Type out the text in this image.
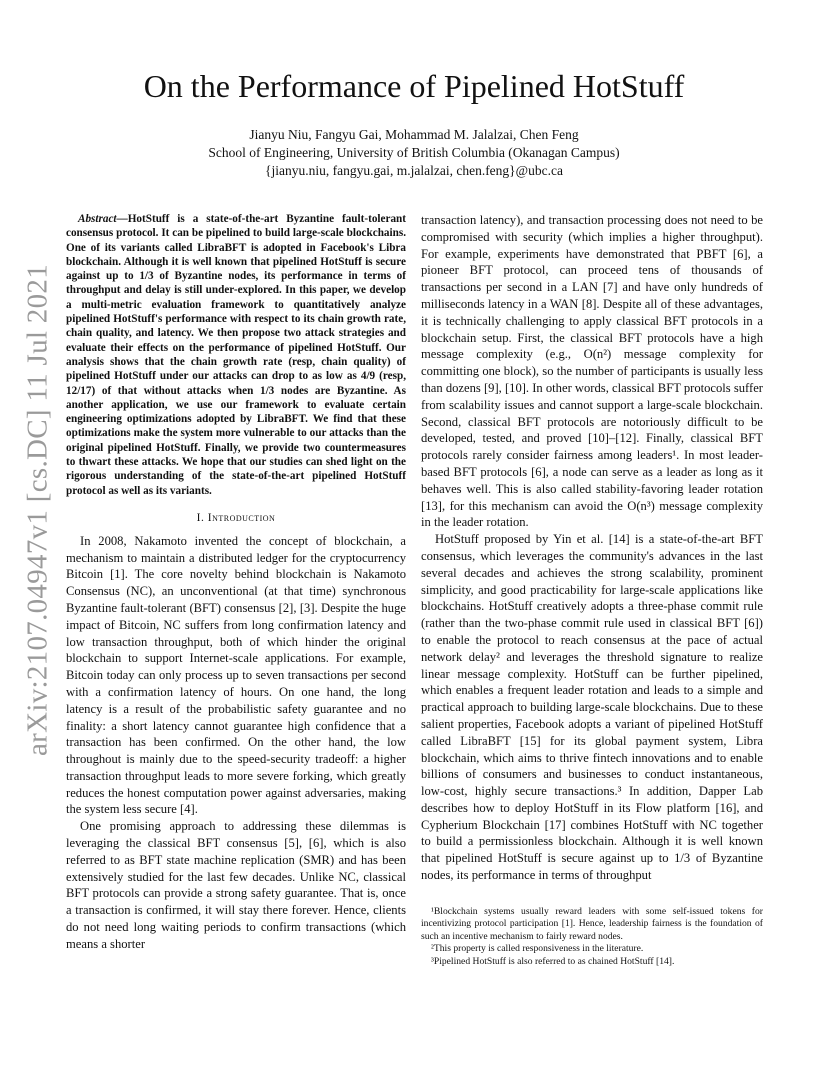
arXiv:2107.04947v1 [cs.DC] 11 Jul 2021
On the Performance of Pipelined HotStuff
Jianyu Niu, Fangyu Gai, Mohammad M. Jalalzai, Chen Feng
School of Engineering, University of British Columbia (Okanagan Campus)
{jianyu.niu, fangyu.gai, m.jalalzai, chen.feng}@ubc.ca

Abstract—HotStuff is a state-of-the-art Byzantine fault-tolerant consensus protocol. It can be pipelined to build large-scale blockchains. One of its variants called LibraBFT is adopted in Facebook's Libra blockchain. Although it is well known that pipelined HotStuff is secure against up to 1/3 of Byzantine nodes, its performance in terms of throughput and delay is still under-explored. In this paper, we develop a multi-metric evaluation framework to quantitatively analyze pipelined HotStuff's performance with respect to its chain growth rate, chain quality, and latency. We then propose two attack strategies and evaluate their effects on the performance of pipelined HotStuff. Our analysis shows that the chain growth rate (resp, chain quality) of pipelined HotStuff under our attacks can drop to as low as 4/9 (resp, 12/17) of that without attacks when 1/3 nodes are Byzantine. As another application, we use our framework to evaluate certain engineering optimizations adopted by LibraBFT. We find that these optimizations make the system more vulnerable to our attacks than the original pipelined HotStuff. Finally, we provide two countermeasures to thwart these attacks. We hope that our studies can shed light on the rigorous understanding of the state-of-the-art pipelined HotStuff protocol as well as its variants.

I. Introduction

In 2008, Nakamoto invented the concept of blockchain, a mechanism to maintain a distributed ledger for the cryptocurrency Bitcoin [1]. The core novelty behind blockchain is Nakamoto Consensus (NC), an unconventional (at that time) synchronous Byzantine fault-tolerant (BFT) consensus [2], [3]. Despite the huge impact of Bitcoin, NC suffers from long confirmation latency and low transaction throughput, both of which hinder the original blockchain to support Internet-scale applications. For example, Bitcoin today can only process up to seven transactions per second with a confirmation latency of hours. On one hand, the long latency is a result of the probabilistic safety guarantee and no finality: a short latency cannot guarantee high confidence that a transaction has been confirmed. On the other hand, the low throughout is mainly due to the speed-security tradeoff: a higher transaction throughput leads to more severe forking, which greatly reduces the honest computation power against adversaries, making the system less secure [4].

One promising approach to addressing these dilemmas is leveraging the classical BFT consensus [5], [6], which is also referred to as BFT state machine replication (SMR) and has been extensively studied for the last few decades. Unlike NC, classical BFT protocols can provide a strong safety guarantee. That is, once a transaction is confirmed, it will stay there forever. Hence, clients do not need long waiting periods to confirm transactions (which means a shorter

transaction latency), and transaction processing does not need to be compromised with security (which implies a higher throughput). For example, experiments have demonstrated that PBFT [6], a pioneer BFT protocol, can proceed tens of thousands of transactions per second in a LAN [7] and have only hundreds of milliseconds latency in a WAN [8]. Despite all of these advantages, it is technically challenging to apply classical BFT protocols in a blockchain setup. First, the classical BFT protocols have a high message complexity (e.g., O(n²) message complexity for committing one block), so the number of participants is usually less than dozens [9], [10]. In other words, classical BFT protocols suffer from scalability issues and cannot support a large-scale blockchain. Second, classical BFT protocols are notoriously difficult to be developed, tested, and proved [10]–[12]. Finally, classical BFT protocols rarely consider fairness among leaders¹. In most leader-based BFT protocols [6], a node can serve as a leader as long as it behaves well. This is also called stability-favoring leader rotation [13], for this mechanism can avoid the O(n³) message complexity in the leader rotation.

HotStuff proposed by Yin et al. [14] is a state-of-the-art BFT consensus, which leverages the community's advances in the last several decades and achieves the strong scalability, prominent simplicity, and good practicability for large-scale applications like blockchains. HotStuff creatively adopts a three-phase commit rule (rather than the two-phase commit rule used in classical BFT [6]) to enable the protocol to reach consensus at the pace of actual network delay² and leverages the threshold signature to realize linear message complexity. HotStuff can be further pipelined, which enables a frequent leader rotation and leads to a simple and practical approach to building large-scale blockchains. Due to these salient properties, Facebook adopts a variant of pipelined HotStuff called LibraBFT [15] for its global payment system, Libra blockchain, which aims to thrive fintech innovations and to enable billions of consumers and businesses to conduct instantaneous, low-cost, highly secure transactions.³ In addition, Dapper Lab describes how to deploy HotStuff in its Flow platform [16], and Cypherium Blockchain [17] combines HotStuff with NC together to build a permissionless blockchain. Although it is well known that pipelined HotStuff is secure against up to 1/3 of Byzantine nodes, its performance in terms of throughput

¹Blockchain systems usually reward leaders with some self-issued tokens for incentivizing protocol participation [1]. Hence, leadership fairness is the foundation of such an incentive mechanism to fairly reward nodes.

²This property is called responsiveness in the literature.

³Pipelined HotStuff is also referred to as chained HotStuff [14].
